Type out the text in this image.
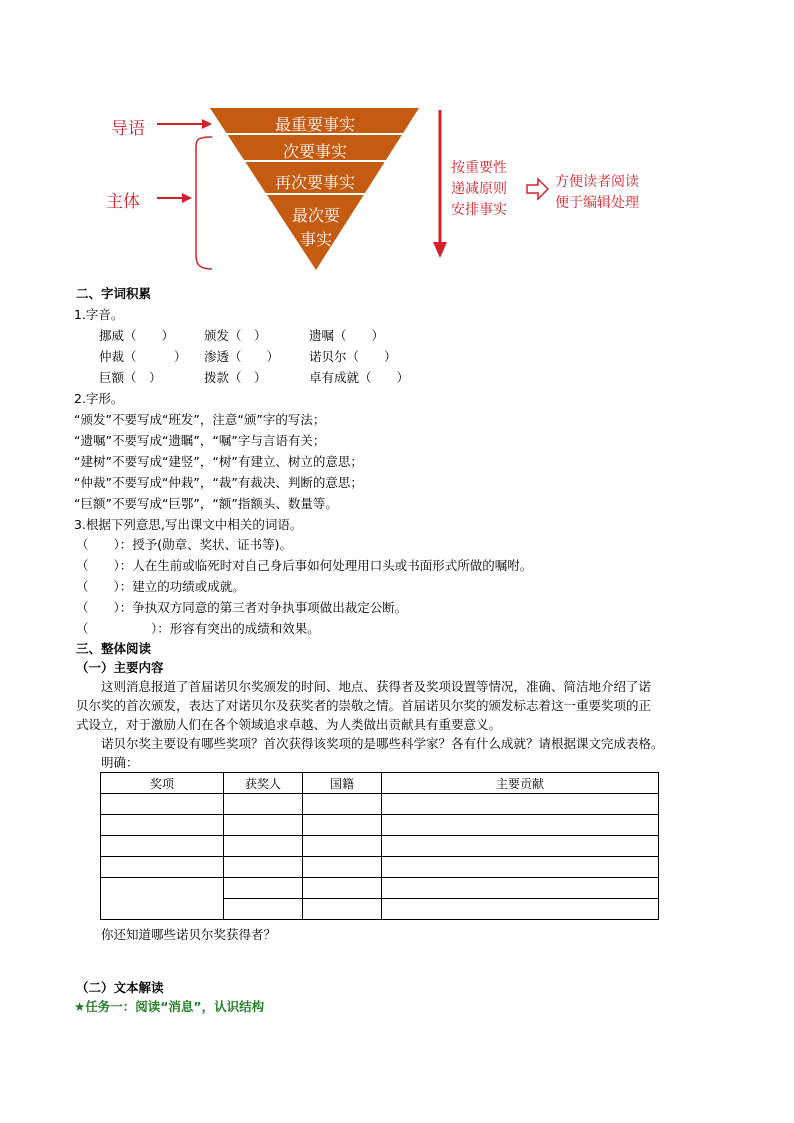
导语
主体
最重要事实
次要事实
再次要事实
最次要
事实
按重要性
递减原则
安排事实
方便读者阅读
便于编辑处理
二、字词积累
1.字音。
挪威（　　） 颁发（　）	遗嘱（　　）
仲裁（　　　） 渗透（　　） 诺贝尔（　　）
巨额（　）	拨款（　）	卓有成就（　　）
2.字形。
“颁发”不要写成“班发”，注意“颁”字的写法；
“遗嘱”不要写成“遗瞩”，“嘱”字与言语有关；
“建树”不要写成“建竖”，“树”有建立、树立的意思；
“仲裁”不要写成“仲栽”，“裁”有裁决、判断的意思；
“巨额”不要写成“巨鄂”，“额”指额头、数量等。
3.根据下列意思,写出课文中相关的词语。
（　　）：授予(勋章、奖状、证书等)。
（　　）：人在生前或临死时对自己身后事如何处理用口头或书面形式所做的嘱咐。
（　　）：建立的功绩或成就。
（　　）：争执双方同意的第三者对争执事项做出裁定公断。
（　　　　　）：形容有突出的成绩和效果。
三、整体阅读
（一）主要内容
这则消息报道了首届诺贝尔奖颁发的时间、地点、获得者及奖项设置等情况，准确、简洁地介绍了诺
贝尔奖的首次颁发，表达了对诺贝尔及获奖者的崇敬之情。首届诺贝尔奖的颁发标志着这一重要奖项的正
式设立，对于激励人们在各个领域追求卓越、为人类做出贡献具有重要意义。
诺贝尔奖主要设有哪些奖项？首次获得该奖项的是哪些科学家？各有什么成就？请根据课文完成表格。
明确：
奖项	获奖人	国籍	主要贡献

你还知道哪些诺贝尔奖获得者？
（二）文本解读
★任务一：阅读“消息”，认识结构
